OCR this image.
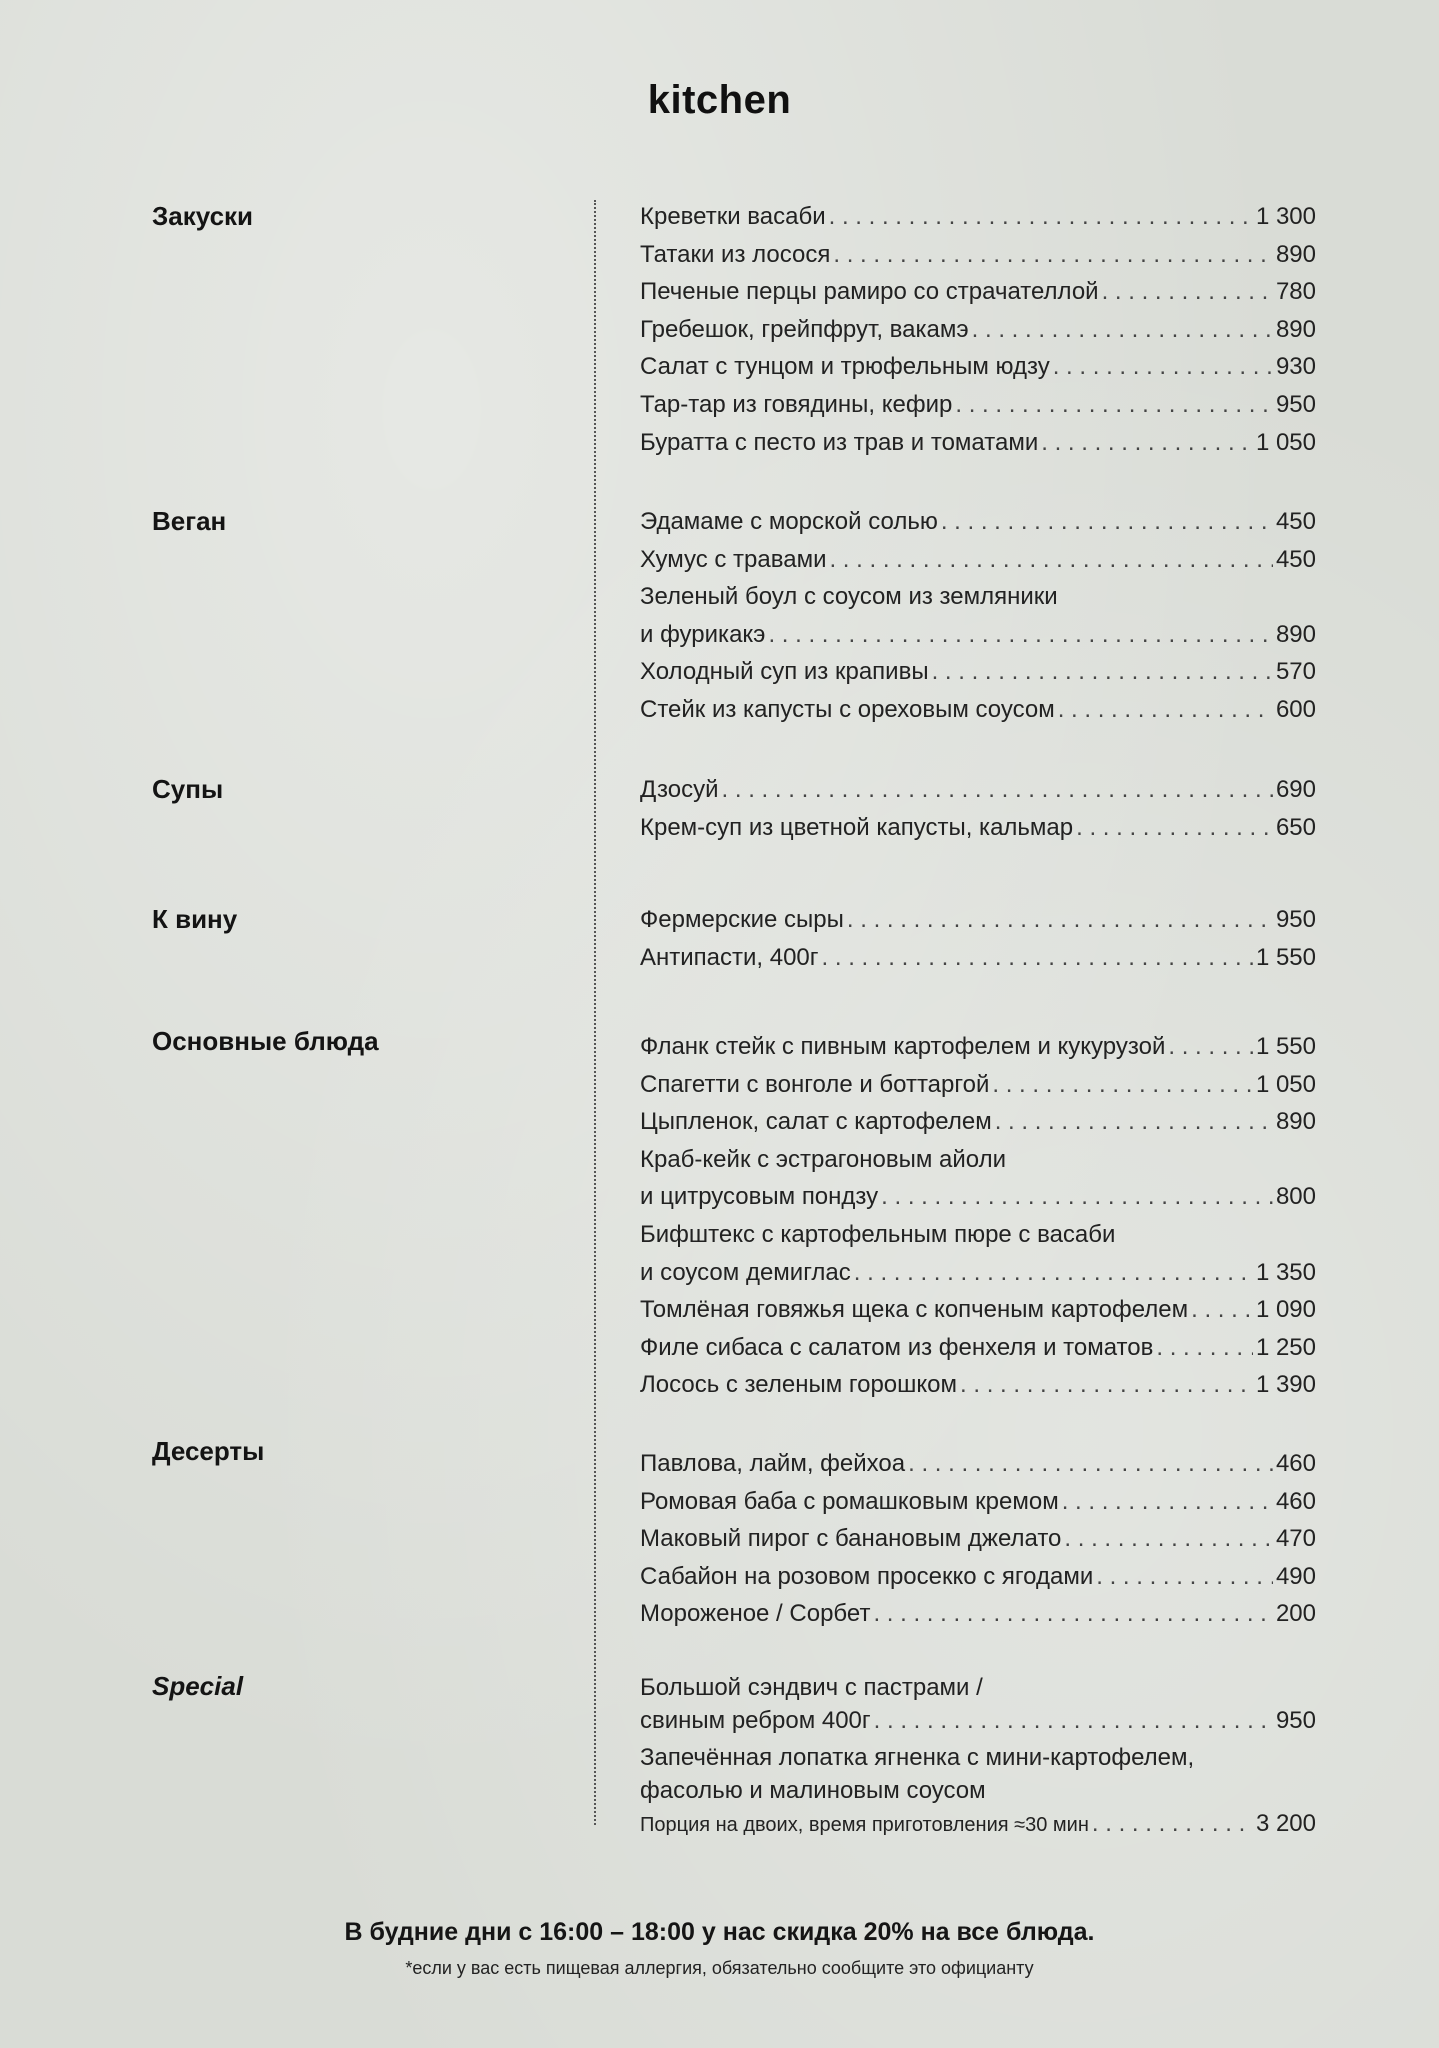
kitchen
Закуски	Креветки васаби . . .	1 300
Татаки из лосося . . .	890
Печеные перцы рамиро со страчателлой . . .	780
Гребешок, грейпфрут, вакамэ . . .	890
Салат с тунцом и трюфельным юдзу . . .	930
Тар-тар из говядины, кефир . . .	950
Буратта с песто из трав и томатами . . .	1 050
Веган	Эдамаме с морской солью . . .	450
Хумус с травами . . .	450
Зеленый боул с соусом из земляники
и фурикакэ . . .	890
Холодный суп из крапивы . . .	570
Стейк из капусты с ореховым соусом . . .	600
Супы	Дзосуй . . .	690
Крем-суп из цветной капусты, кальмар . . .	650
К вину	Фермерские сыры . . .	950
Антипасти, 400г . . .	1 550
Основные блюда	Фланк стейк с пивным картофелем и кукурузой . . .	1 550
Спагетти с вонголе и боттаргой . . .	1 050
Цыпленок, салат с картофелем . . .	890
Краб-кейк с эстрагоновым айоли
и цитрусовым пондзу . . .	800
Бифштекс с картофельным пюре с васаби
и соусом демиглас . . .	1 350
Томлёная говяжья щека с копченым картофелем . . .	1 090
Филе сибаса с салатом из фенхеля и томатов . . .	1 250
Лосось с зеленым горошком . . .	1 390
Десерты	Павлова, лайм, фейхоа . . .	460
Ромовая баба с ромашковым кремом . . .	460
Маковый пирог с банановым джелато . . .	470
Сабайон на розовом просекко с ягодами . . .	490
Мороженое / Сорбет . . .	200
Special	Большой сэндвич с пастрами /
свиным ребром 400г . . .	950
Запечённая лопатка ягненка с мини-картофелем,
фасолью и малиновым соусом
Порция на двоих, время приготовления ≈30 мин . . .	3 200
В будние дни с 16:00 – 18:00 у нас скидка 20% на все блюда.
*если у вас есть пищевая аллергия, обязательно сообщите это официанту
